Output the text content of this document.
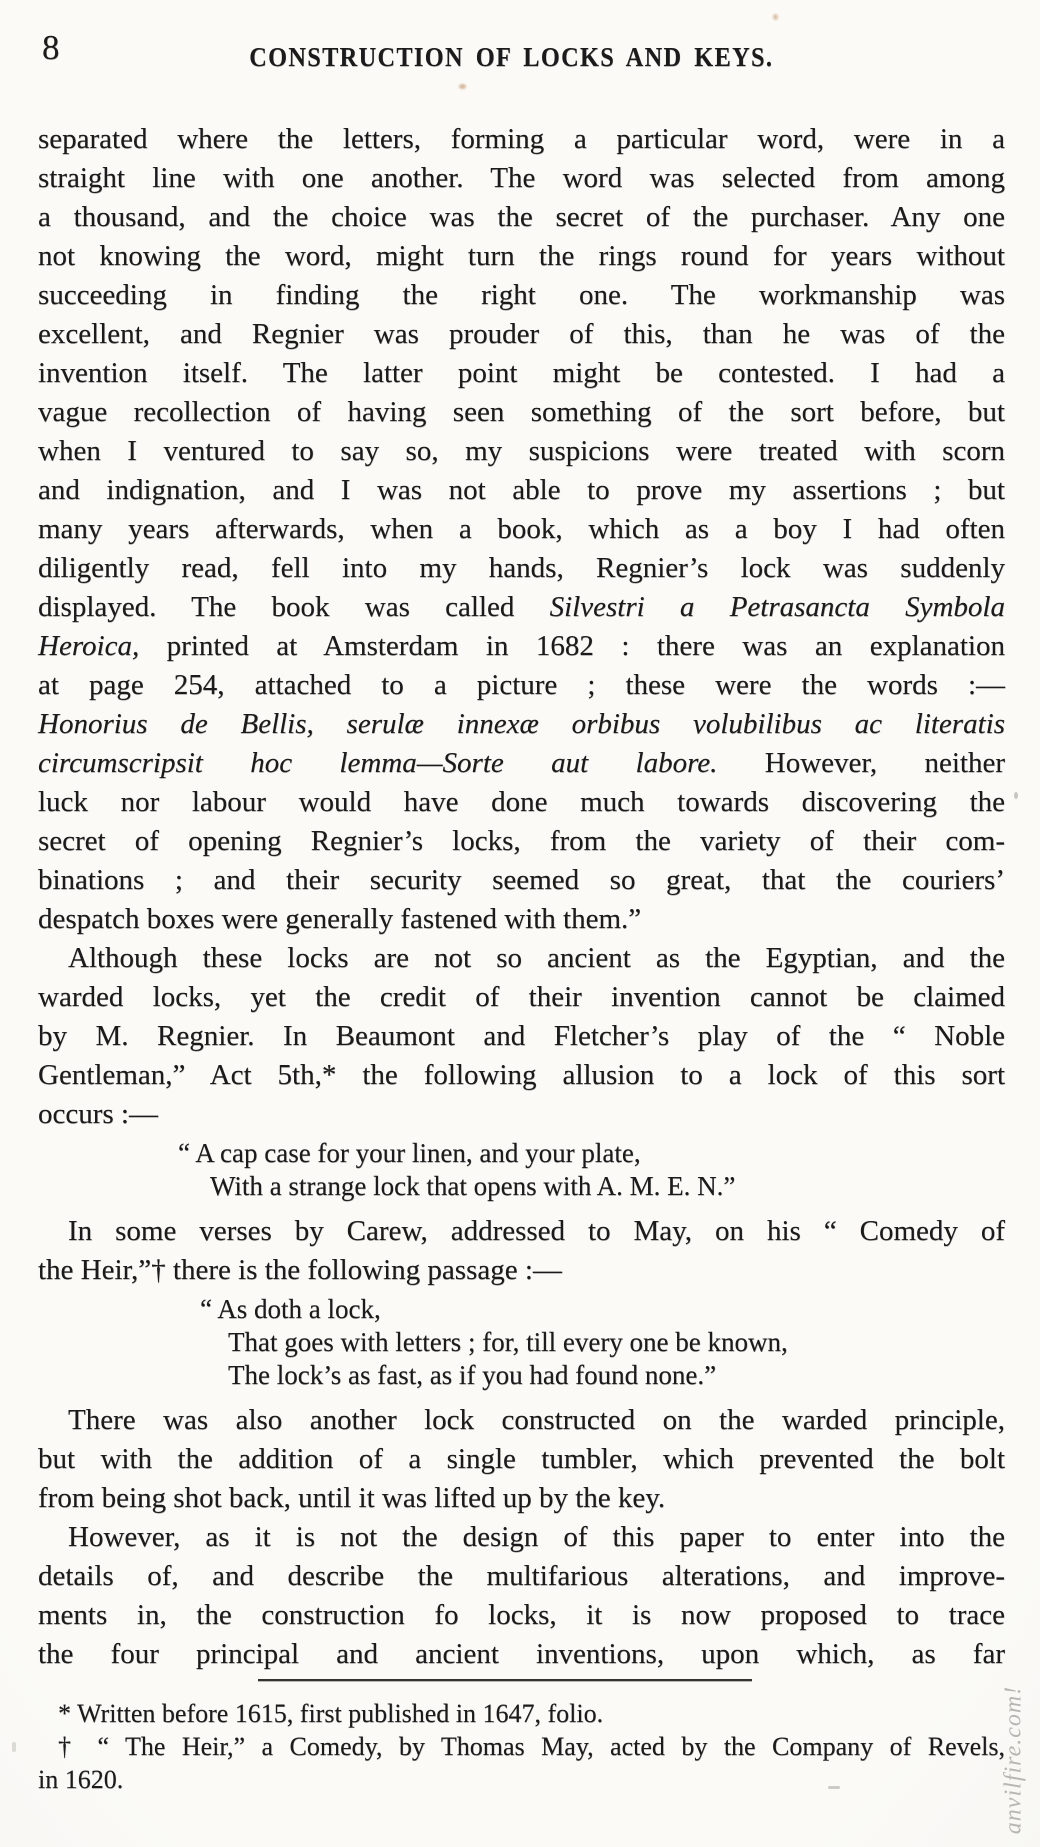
8	CONSTRUCTION OF LOCKS AND KEYS.
separated where the letters, forming a particular word, were in a
straight line with one another. The word was selected from among
a thousand, and the choice was the secret of the purchaser. Any one
not knowing the word, might turn the rings round for years without
succeeding in finding the right one. The workmanship was
excellent, and Regnier was prouder of this, than he was of the
invention itself. The latter point might be contested. I had a
vague recollection of having seen something of the sort before, but
when I ventured to say so, my suspicions were treated with scorn
and indignation, and I was not able to prove my assertions ; but
many years afterwards, when a book, which as a boy I had often
diligently read, fell into my hands, Regnier’s lock was suddenly
displayed. The book was called Silvestri a Petrasancta Symbola
Heroica, printed at Amsterdam in 1682 : there was an explanation
at page 254, attached to a picture ; these were the words :—
Honorius de Bellis, serulæ innexæ orbibus volubilibus ac literatis
circumscripsit hoc lemma—Sorte aut labore. However, neither
luck nor labour would have done much towards discovering the
secret of opening Regnier’s locks, from the variety of their com-
binations ; and their security seemed so great, that the couriers’
despatch boxes were generally fastened with them.”
Although these locks are not so ancient as the Egyptian, and the
warded locks, yet the credit of their invention cannot be claimed
by M. Regnier. In Beaumont and Fletcher’s play of the “ Noble
Gentleman,” Act 5th,* the following allusion to a lock of this sort
occurs :—
“ A cap case for your linen, and your plate,
With a strange lock that opens with A. M. E. N.”
In some verses by Carew, addressed to May, on his “ Comedy of
the Heir,”† there is the following passage :—
“ As doth a lock,
That goes with letters ; for, till every one be known,
The lock’s as fast, as if you had found none.”
There was also another lock constructed on the warded principle,
but with the addition of a single tumbler, which prevented the bolt
from being shot back, until it was lifted up by the key.
However, as it is not the design of this paper to enter into the
details of, and describe the multifarious alterations, and improve-
ments in, the construction fo locks, it is now proposed to trace
the four principal and ancient inventions, upon which, as far
* Written before 1615, first published in 1647, folio.
† “ The Heir,” a Comedy, by Thomas May, acted by the Company of Revels,
in 1620.	anvilfire.com!
